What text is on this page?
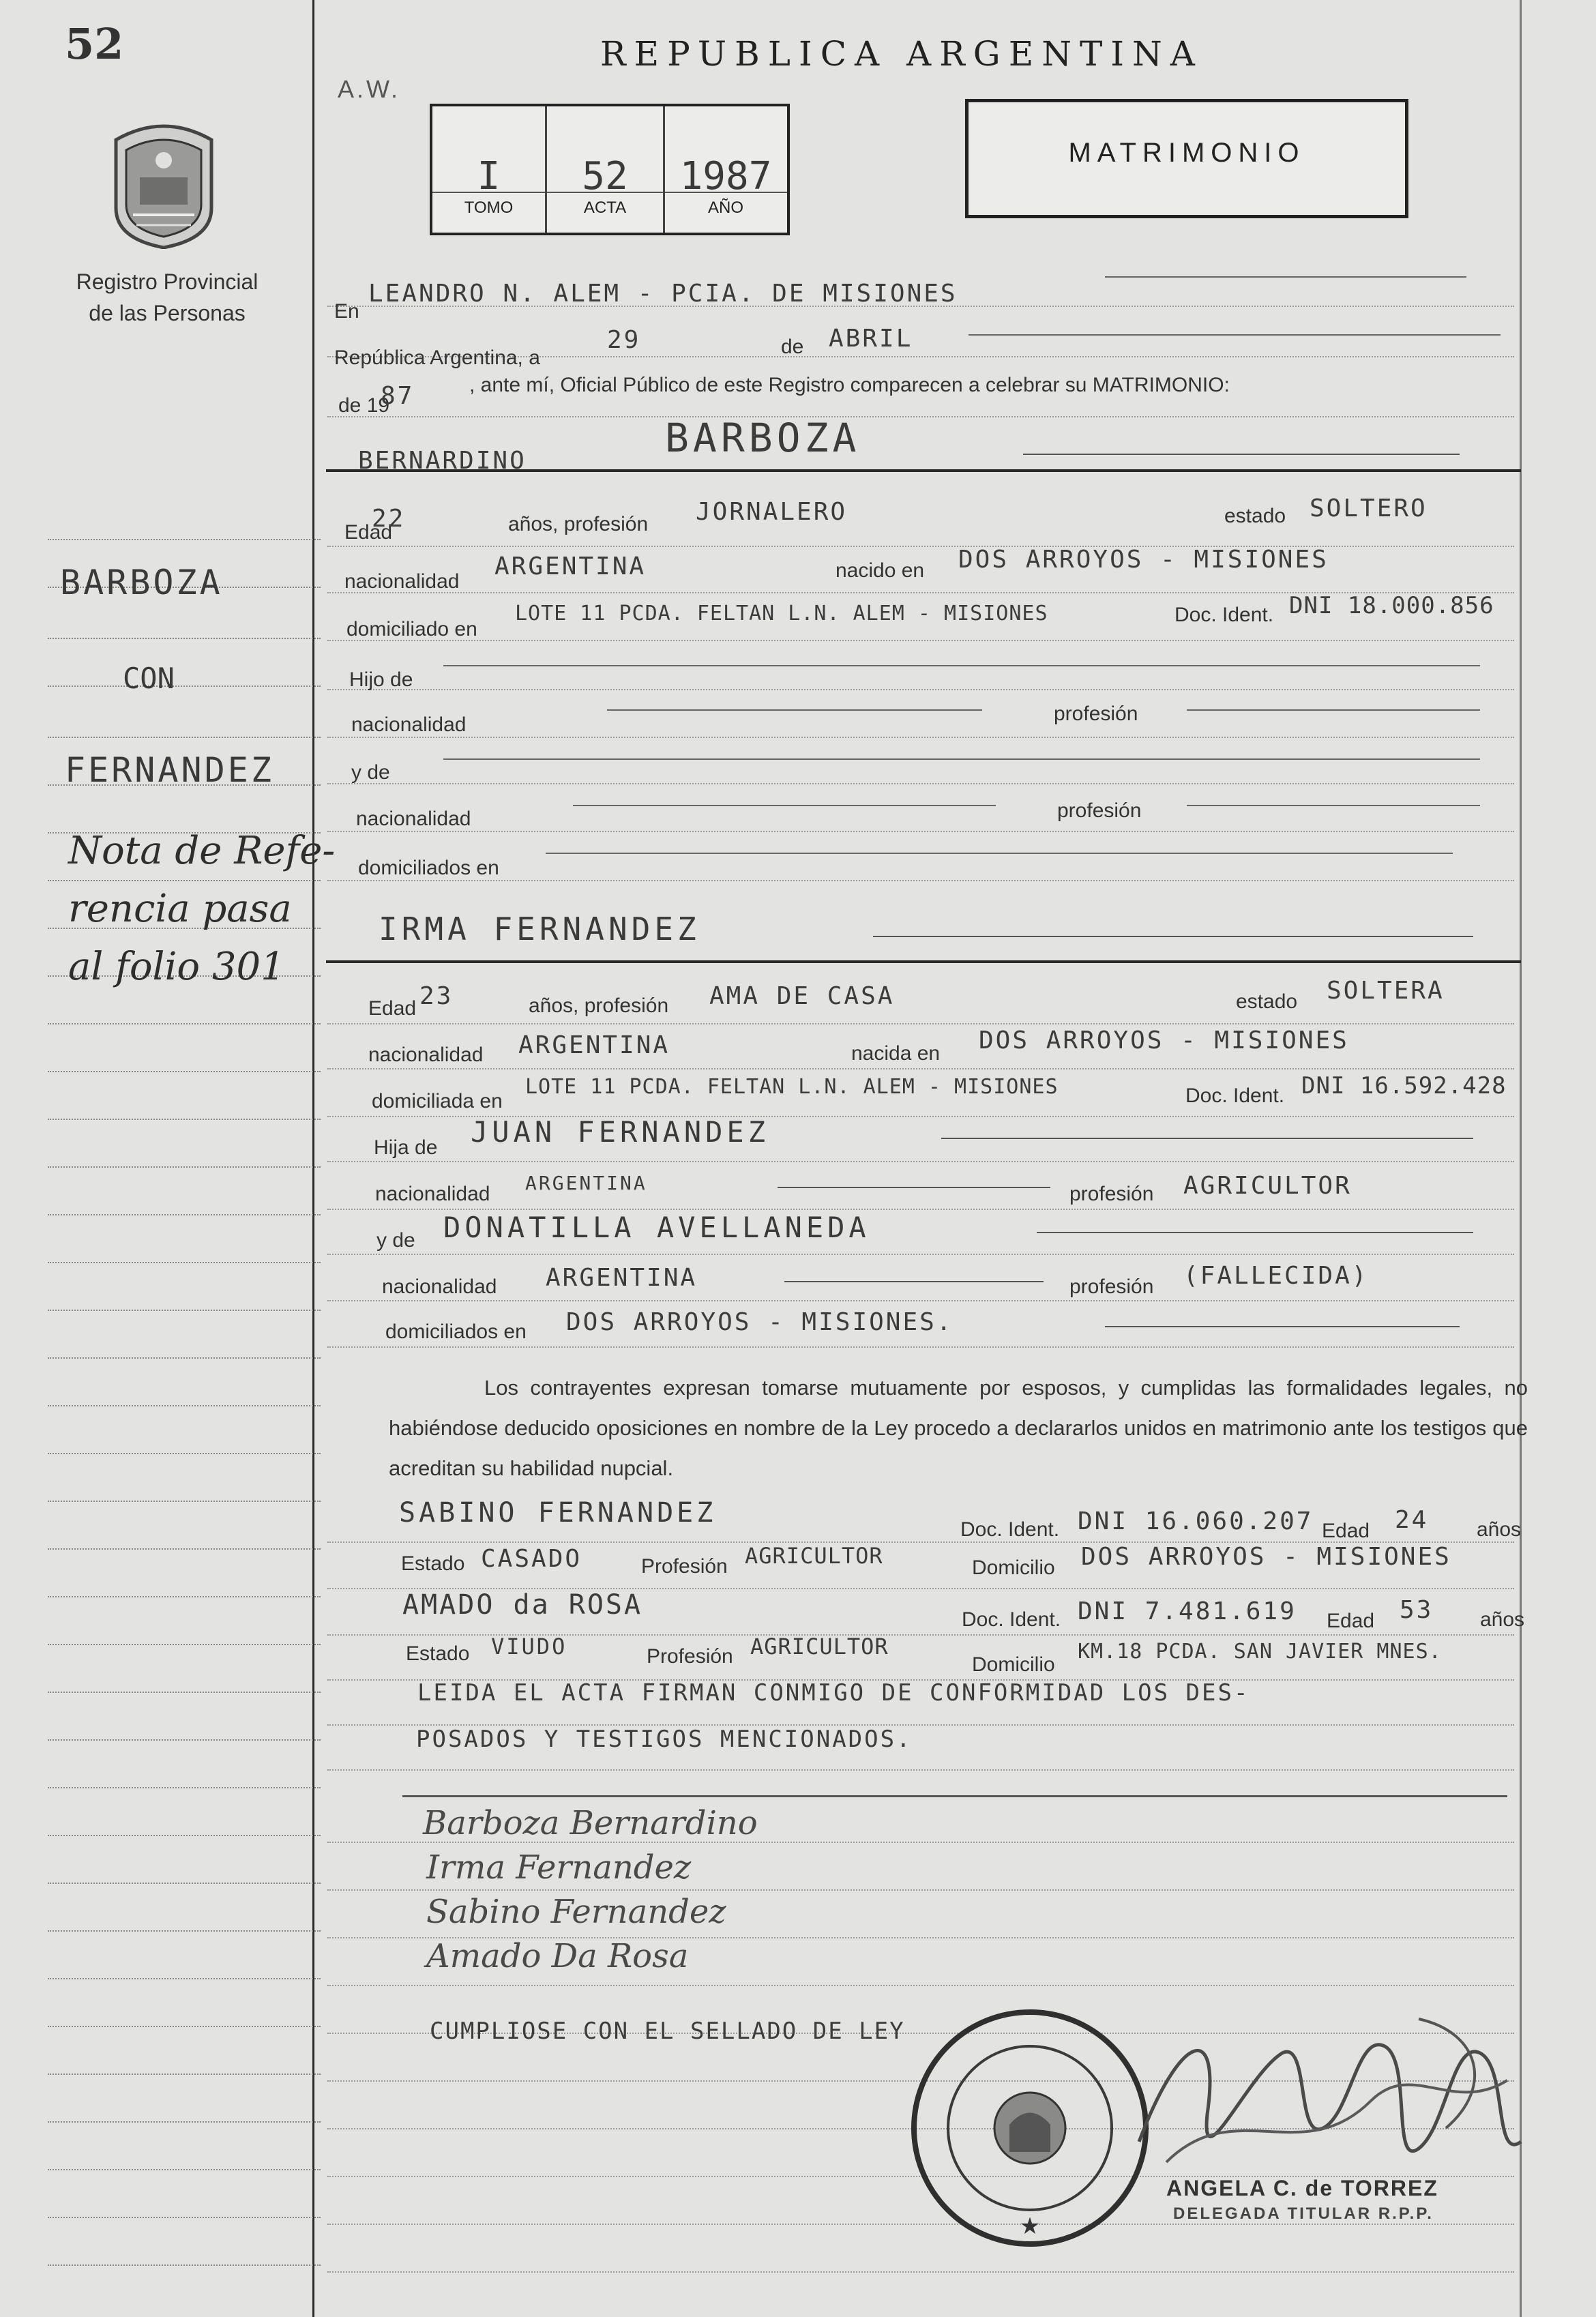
52	REPUBLICA ARGENTINA
A.W.
Registro Provincial
de las Personas
BARBOZA
CON
FERNANDEZ
Nota de Refe-
rencia pasa
al folio 301
I
TOMO
52
ACTA
1987
AÑO
MATRIMONIO
En
LEANDRO N. ALEM - PCIA. DE MISIONES
República Argentina, a
29	de ABRIL
de 19
87	, ante mí, Oficial Público de este Registro comparecen a celebrar su MATRIMONIO:
BERNARDINO	BARBOZA
Edad
22	años, profesión JORNALERO	estado SOLTERO
nacionalidad
ARGENTINA	nacido en DOS ARROYOS - MISIONES
domiciliado en
LOTE 11 PCDA. FELTAN L.N. ALEM - MISIONES	Doc. Ident. DNI 18.000.856
Hijo de
nacionalidad	profesión
y de
nacionalidad	profesión
domiciliados en
IRMA FERNANDEZ
Edad 23	años, profesión AMA DE CASA	estado SOLTERA
nacionalidad ARGENTINA	nacida en DOS ARROYOS - MISIONES
domiciliada en
LOTE 11 PCDA. FELTAN L.N. ALEM - MISIONES	Doc. Ident. DNI 16.592.428
Hija de JUAN FERNANDEZ
nacionalidad ARGENTINA	profesión AGRICULTOR
y de DONATILLA AVELLANEDA
nacionalidad ARGENTINA	profesión (FALLECIDA)
domiciliados en DOS ARROYOS - MISIONES.
Los contrayentes expresan tomarse mutuamente por esposos, y cumplidas las formalidades legales, no habiéndose deducido oposiciones en nombre de la Ley procedo a declararlos unidos en matrimonio ante los testigos que acreditan su habilidad nupcial.
SABINO FERNANDEZ
Doc. Ident. DNI 16.060.207 Edad 24 años
Estado CASADO	Profesión AGRICULTOR	Domicilio DOS ARROYOS - MISIONES
AMADO da ROSA	Doc. Ident. DNI 7.481.619 Edad 53 años
Estado VIUDO	Profesión AGRICULTOR
Domicilio
KM.18 PCDA. SAN JAVIER MNES.
LEIDA EL ACTA FIRMAN CONMIGO DE CONFORMIDAD LOS DES-
POSADOS Y TESTIGOS MENCIONADOS.
Barboza Bernardino
Irma Fernandez
Sabino Fernandez
Amado Da Rosa
CUMPLIOSE CON EL SELLADO DE LEY
★
ANGELA C. de TORREZ
DELEGADA TITULAR R.P.P.
